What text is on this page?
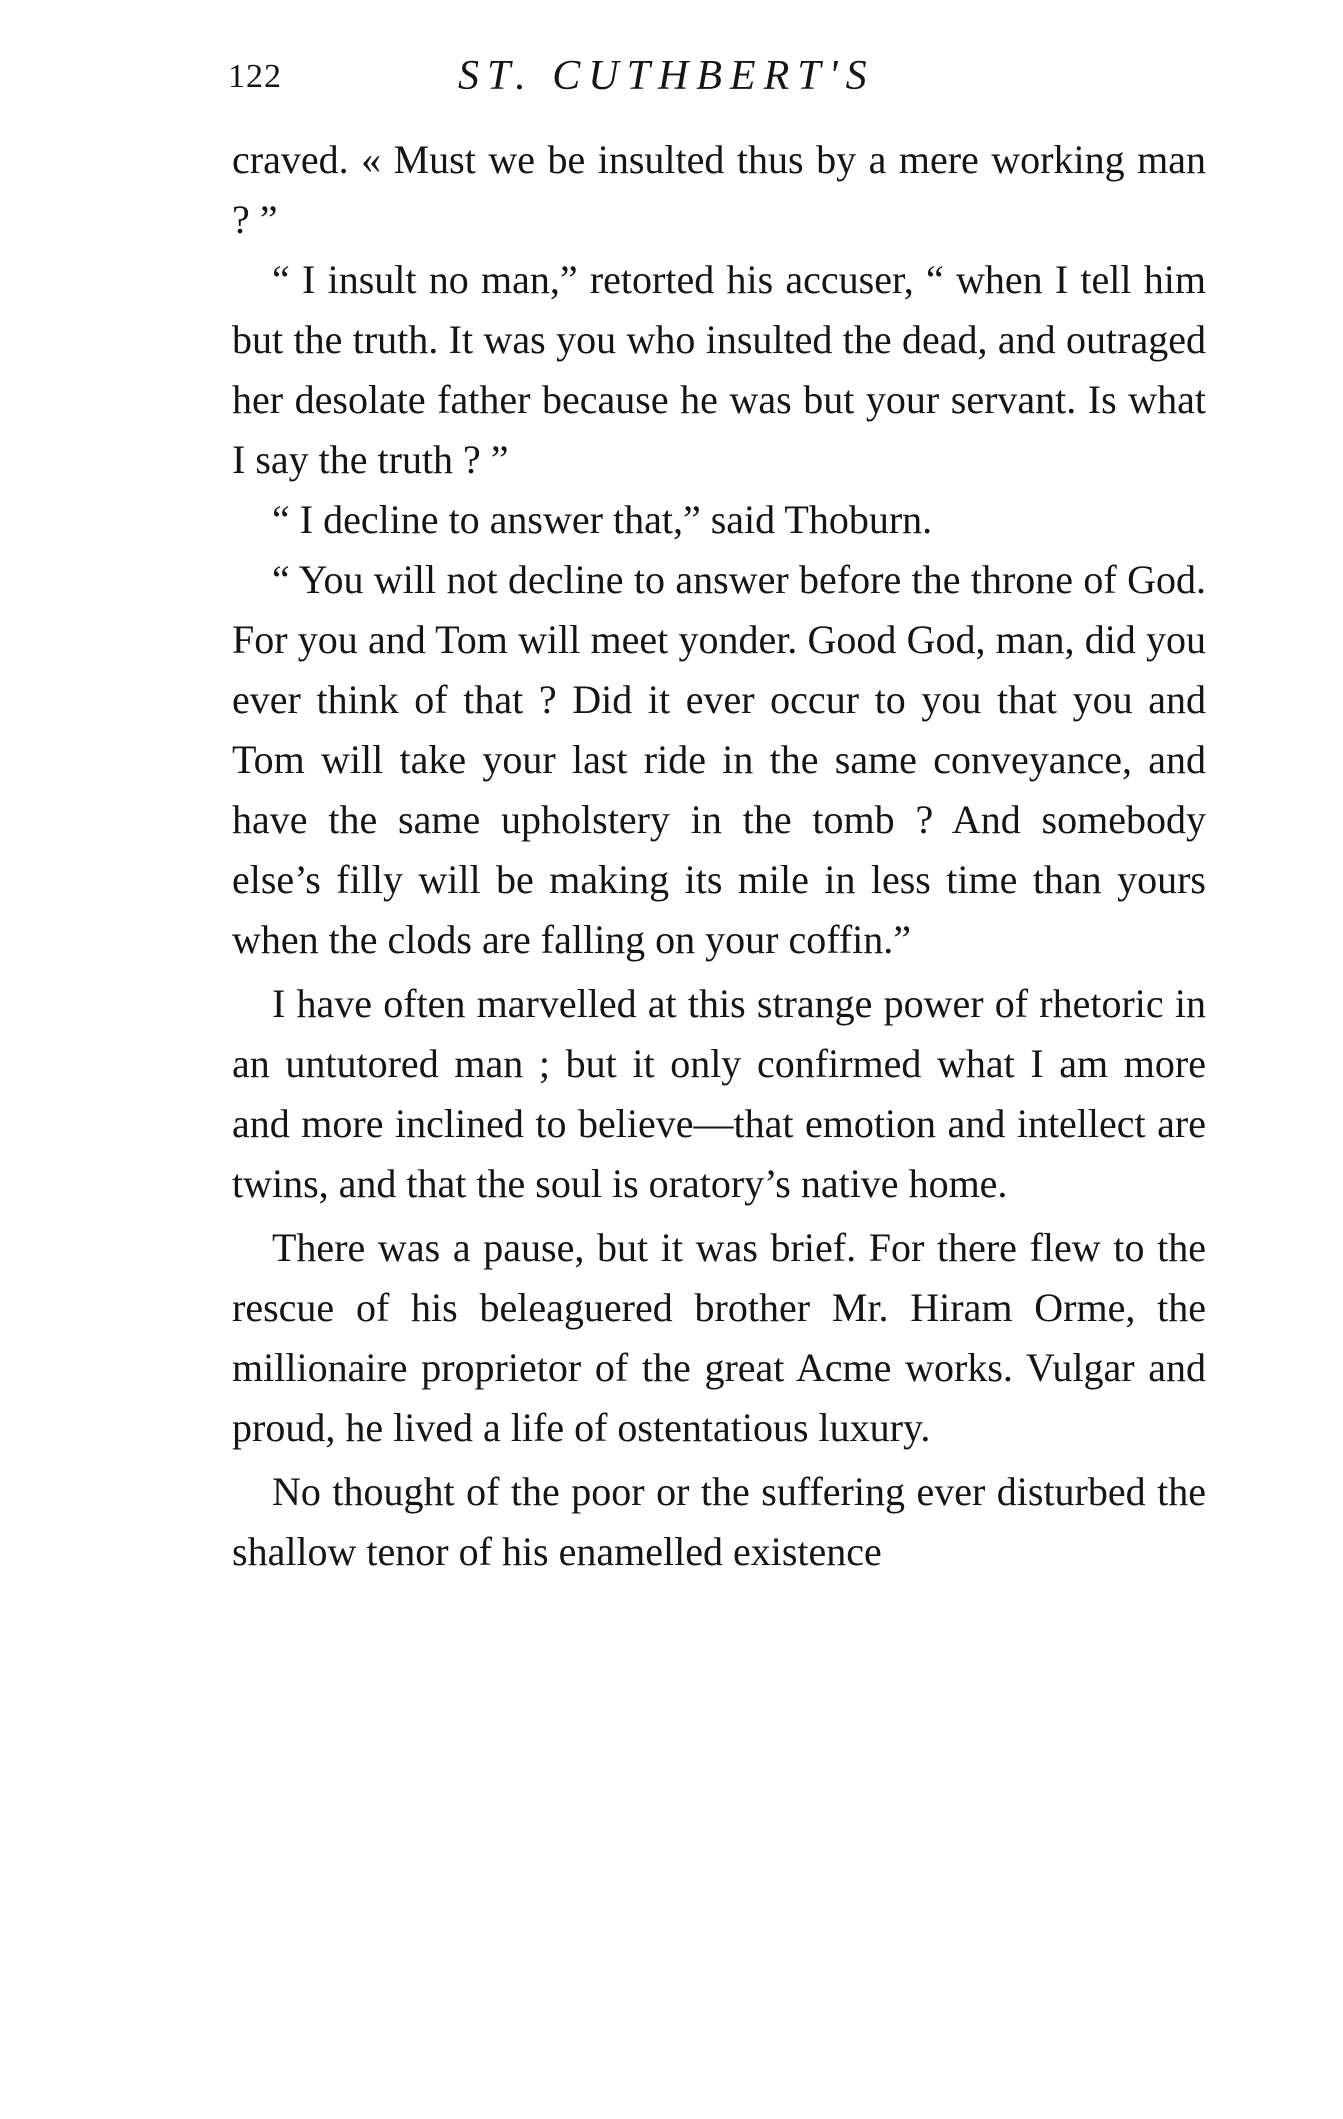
122	ST. CUTHBERT'S

craved. « Must we be insulted thus by a mere working man ? ”

“ I insult no man,” retorted his accuser, “ when I tell him but the truth. It was you who insulted the dead, and outraged her desolate father because he was but your servant. Is what I say the truth ? ”

“ I decline to answer that,” said Thoburn.

“ You will not decline to answer before the throne of God. For you and Tom will meet yonder. Good God, man, did you ever think of that ? Did it ever occur to you that you and Tom will take your last ride in the same conveyance, and have the same upholstery in the tomb ? And somebody else’s filly will be making its mile in less time than yours when the clods are falling on your coffin.”

I have often marvelled at this strange power of rhetoric in an untutored man ; but it only confirmed what I am more and more inclined to believe—that emotion and intellect are twins, and that the soul is oratory’s native home.

There was a pause, but it was brief. For there flew to the rescue of his beleaguered brother Mr. Hiram Orme, the millionaire proprietor of the great Acme works. Vulgar and proud, he lived a life of ostentatious luxury.

No thought of the poor or the suffering ever disturbed the shallow tenor of his enamelled existence
